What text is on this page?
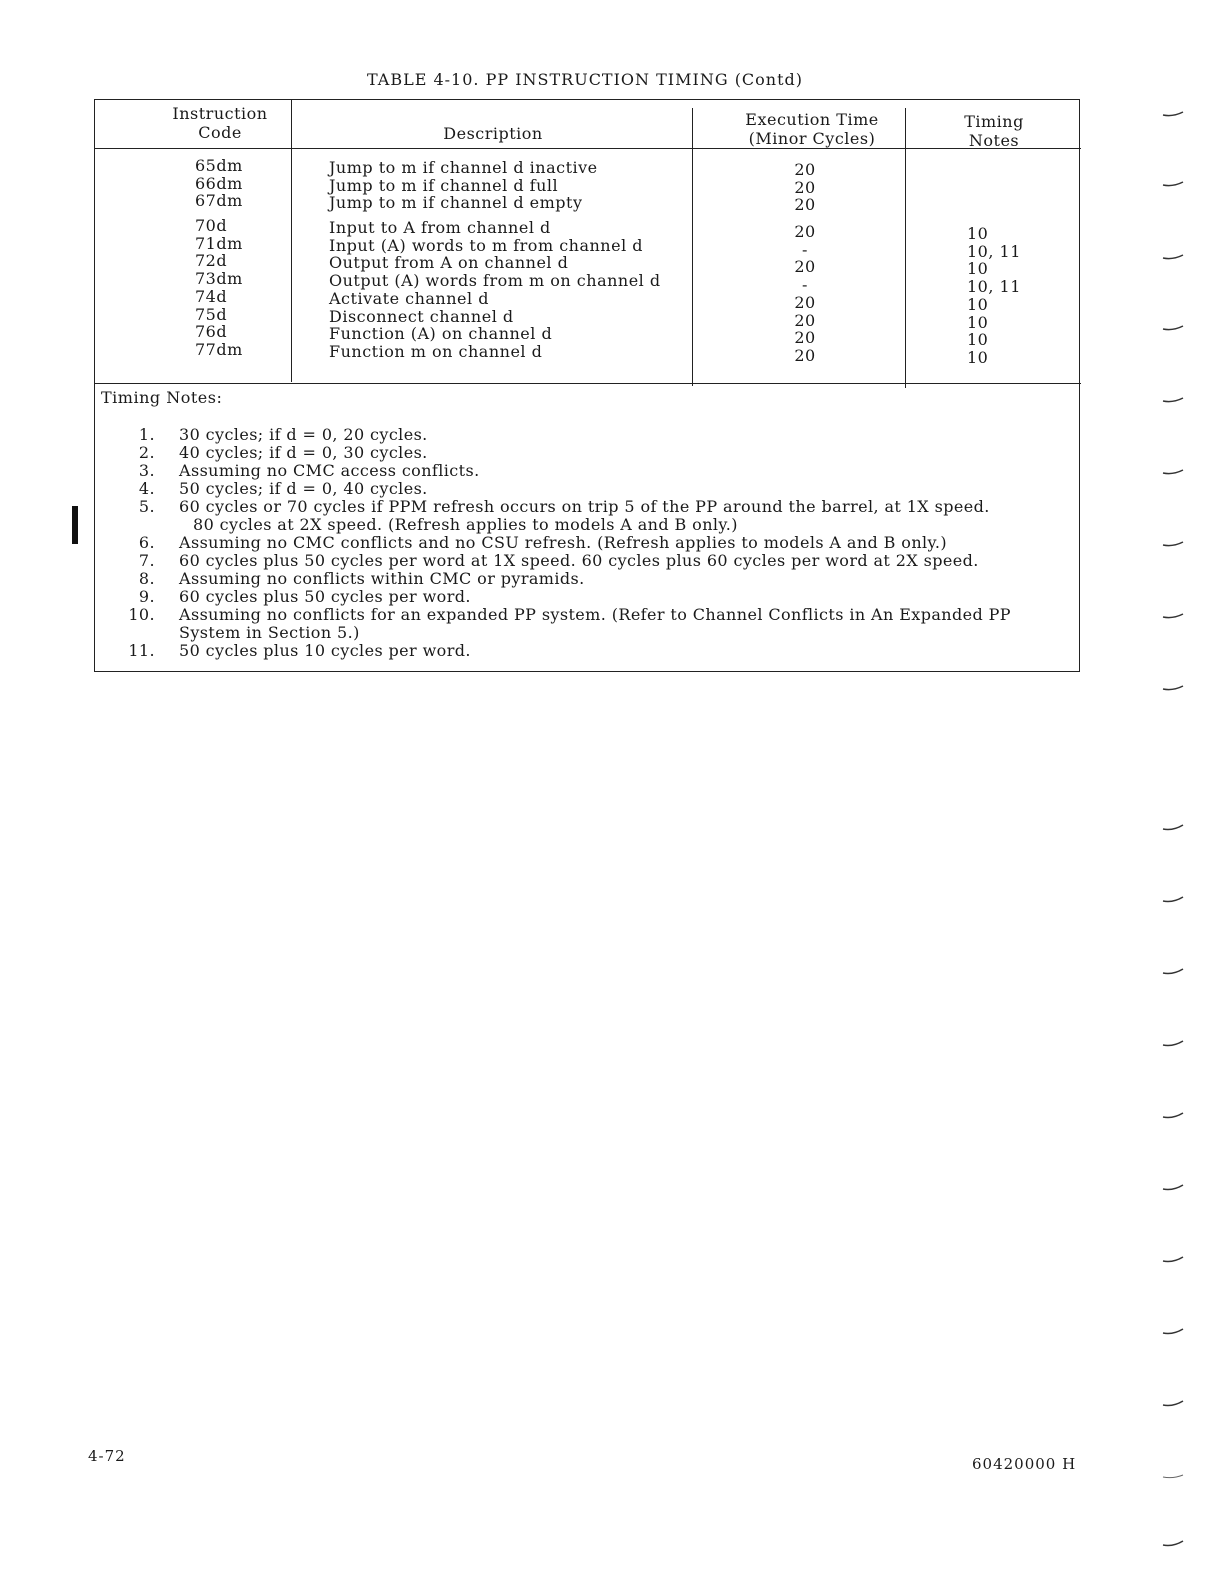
TABLE 4-10. PP INSTRUCTION TIMING (Contd)
Instruction
Code	Description
Execution Time
(Minor Cycles)
Timing
Notes
65dm
66dm
67dm
Jump to m if channel d inactive
Jump to m if channel d full
Jump to m if channel d empty
20
20
20
70d
71dm
72d
73dm
74d
75d
76d
77dm
Input to A from channel d
Input (A) words to m from channel d
Output from A on channel d
Output (A) words from m on channel d
Activate channel d
Disconnect channel d
Function (A) on channel d
Function m on channel d
20
-
20
-
20
20
20
20
10
10, 11
10
10, 11
10
10
10
10
Timing Notes:
1. 30 cycles; if d = 0, 20 cycles.
2. 40 cycles; if d = 0, 30 cycles.
3. Assuming no CMC access conflicts.
4. 50 cycles; if d = 0, 40 cycles.
5. 60 cycles or 70 cycles if PPM refresh occurs on trip 5 of the PP around the barrel, at 1X speed.
80 cycles at 2X speed. (Refresh applies to models A and B only.)
6. Assuming no CMC conflicts and no CSU refresh. (Refresh applies to models A and B only.)
7. 60 cycles plus 50 cycles per word at 1X speed. 60 cycles plus 60 cycles per word at 2X speed.
8. Assuming no conflicts within CMC or pyramids.
9. 60 cycles plus 50 cycles per word.
10. Assuming no conflicts for an expanded PP system. (Refer to Channel Conflicts in An Expanded PP
System in Section 5.)
11. 50 cycles plus 10 cycles per word.
4-72	60420000 H
